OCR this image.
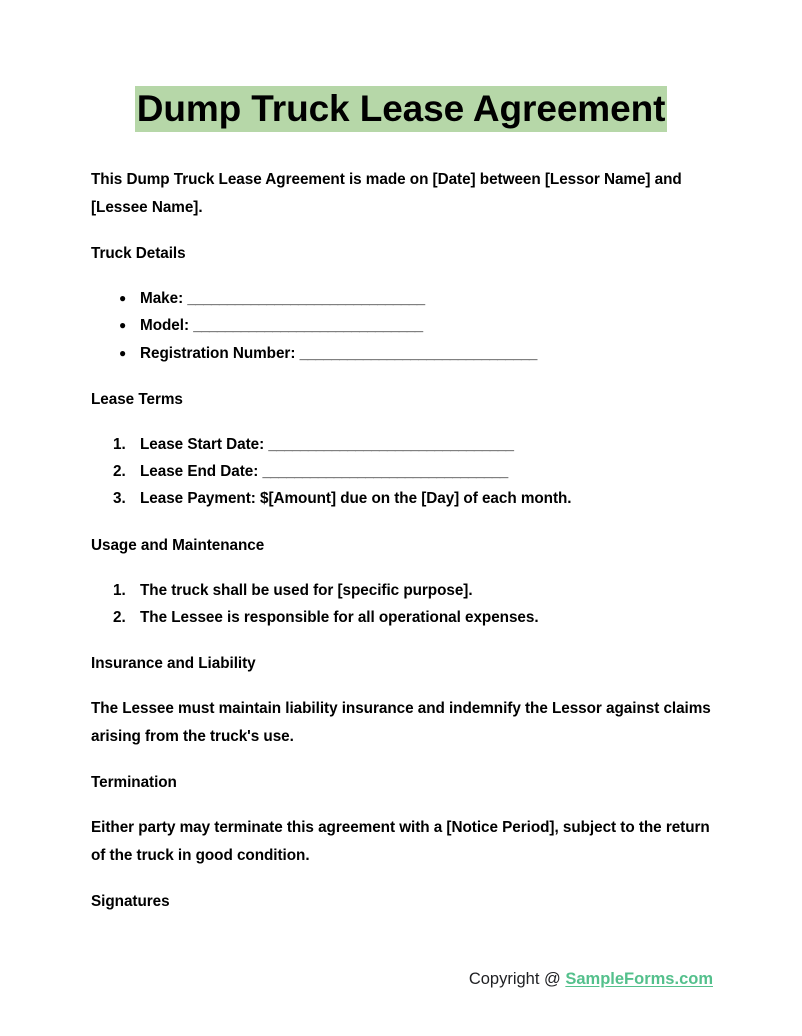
Dump Truck Lease Agreement

This Dump Truck Lease Agreement is made on [Date] between [Lessor Name] and [Lessee Name].

Truck Details
● Make: ______________________________
● Model: _____________________________
● Registration Number: ______________________________
Lease Terms
1. Lease Start Date: _______________________________
2. Lease End Date: _______________________________
3. Lease Payment: $[Amount] due on the [Day] of each month.
Usage and Maintenance
1. The truck shall be used for [specific purpose].
2. The Lessee is responsible for all operational expenses.
Insurance and Liability

The Lessee must maintain liability insurance and indemnify the Lessor against claims arising from the truck's use.

Termination

Either party may terminate this agreement with a [Notice Period], subject to the return of the truck in good condition.

Signatures
Copyright @ SampleForms.com
